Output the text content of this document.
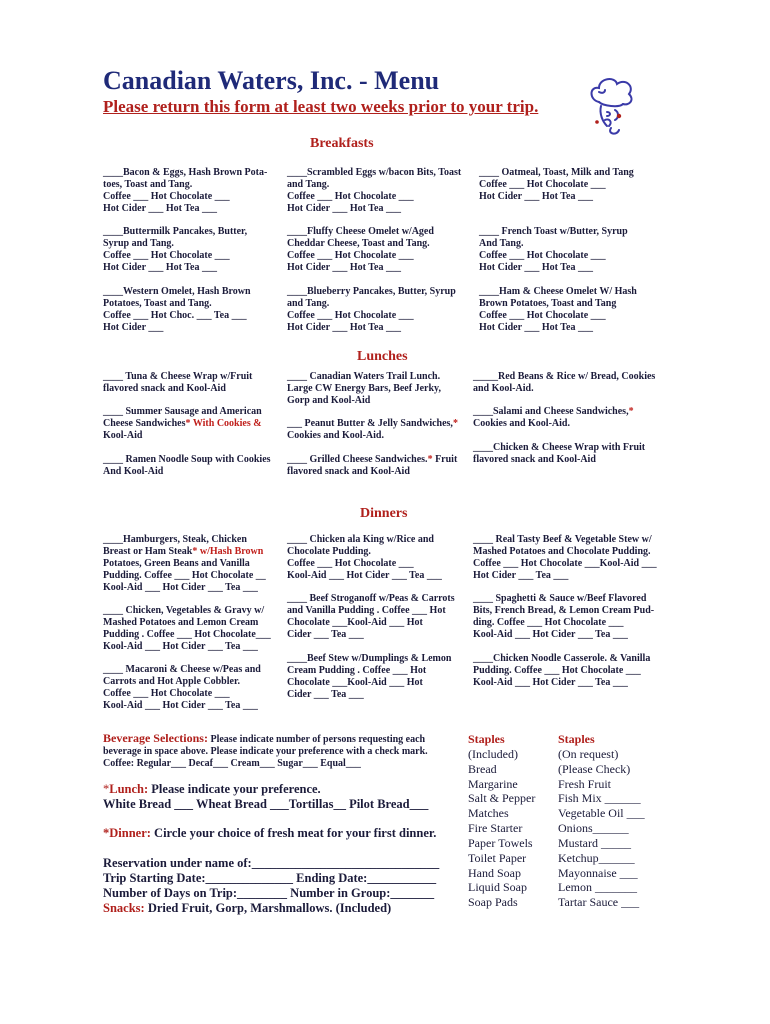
Canadian Waters, Inc. - Menu
Please return this form at least two weeks prior to your trip.
Breakfasts
____Bacon & Eggs, Hash Brown Pota-
toes, Toast and Tang.
Coffee ___ Hot Chocolate ___
Hot Cider ___ Hot Tea ___
____Scrambled Eggs w/bacon Bits, Toast
and Tang.
Coffee ___ Hot Chocolate ___
Hot Cider ___ Hot Tea ___
____ Oatmeal, Toast, Milk and Tang
Coffee ___ Hot Chocolate ___
Hot Cider ___ Hot Tea ___
____Buttermilk Pancakes, Butter,
Syrup and Tang.
Coffee ___ Hot Chocolate ___
Hot Cider ___ Hot Tea ___
____Fluffy Cheese Omelet w/Aged
Cheddar Cheese, Toast and Tang.
Coffee ___ Hot Chocolate ___
Hot Cider ___ Hot Tea ___
____ French Toast w/Butter, Syrup
And Tang.
Coffee ___ Hot Chocolate ___
Hot Cider ___ Hot Tea ___
____Western Omelet, Hash Brown
Potatoes, Toast and Tang.
Coffee ___ Hot Choc. ___ Tea ___
Hot Cider ___
____Blueberry Pancakes, Butter, Syrup
and Tang.
Coffee ___ Hot Chocolate ___
Hot Cider ___ Hot Tea ___
____Ham & Cheese Omelet W/ Hash
Brown Potatoes, Toast and Tang
Coffee ___ Hot Chocolate ___
Hot Cider ___ Hot Tea ___
Lunches
____ Tuna & Cheese Wrap w/Fruit
flavored snack and Kool-Aid
____ Summer Sausage and American
Cheese Sandwiches* With Cookies &
Kool-Aid
____ Ramen Noodle Soup with Cookies
And Kool-Aid
____ Canadian Waters Trail Lunch.
Large CW Energy Bars, Beef Jerky,
Gorp and Kool-Aid
___ Peanut Butter & Jelly Sandwiches,*
Cookies and Kool-Aid.
____ Grilled Cheese Sandwiches.* Fruit
flavored snack and Kool-Aid
_____Red Beans & Rice w/ Bread, Cookies
and Kool-Aid.
____Salami and Cheese Sandwiches,*
Cookies and Kool-Aid.
____Chicken & Cheese Wrap with Fruit
flavored snack and Kool-Aid
Dinners
____Hamburgers, Steak, Chicken
Breast or Ham Steak* w/Hash Brown
Potatoes, Green Beans and Vanilla
Pudding. Coffee ___ Hot Chocolate __
Kool-Aid ___ Hot Cider ___ Tea ___
____ Chicken, Vegetables & Gravy w/
Mashed Potatoes and Lemon Cream
Pudding . Coffee ___ Hot Chocolate___
Kool-Aid ___ Hot Cider ___ Tea ___
____ Macaroni & Cheese w/Peas and
Carrots and Hot Apple Cobbler.
Coffee ___ Hot Chocolate ___
Kool-Aid ___ Hot Cider ___ Tea ___
____ Chicken ala King w/Rice and
Chocolate Pudding.
Coffee ___ Hot Chocolate ___
Kool-Aid ___ Hot Cider ___ Tea ___
____ Beef Stroganoff w/Peas & Carrots
and Vanilla Pudding . Coffee ___ Hot
Chocolate ___Kool-Aid ___ Hot
Cider ___ Tea ___
____Beef Stew w/Dumplings & Lemon
Cream Pudding . Coffee ___ Hot
Chocolate ___Kool-Aid ___ Hot
Cider ___ Tea ___
____ Real Tasty Beef & Vegetable Stew w/
Mashed Potatoes and Chocolate Pudding.
Coffee ___ Hot Chocolate ___Kool-Aid ___
Hot Cider ___ Tea ___
____ Spaghetti & Sauce w/Beef Flavored
Bits, French Bread, & Lemon Cream Pud-
ding. Coffee ___ Hot Chocolate ___
Kool-Aid ___ Hot Cider ___ Tea ___
____Chicken Noodle Casserole. & Vanilla
Pudding. Coffee ___ Hot Chocolate ___
Kool-Aid ___ Hot Cider ___ Tea ___
Beverage Selections: Please indicate number of persons requesting each
beverage in space above. Please indicate your preference with a check mark.
Coffee: Regular___ Decaf___ Cream___ Sugar___ Equal___
*Lunch: Please indicate your preference.
White Bread ___ Wheat Bread ___Tortillas__ Pilot Bread___
*Dinner: Circle your choice of fresh meat for your first dinner.
Reservation under name of:______________________________
Trip Starting Date:______________ Ending Date:___________
Number of Days on Trip:________ Number in Group:_______
Snacks: Dried Fruit, Gorp, Marshmallows. (Included)
Staples
(Included)
Bread
Margarine
Salt & Pepper
Matches
Fire Starter
Paper Towels
Toilet Paper
Hand Soap
Liquid Soap
Soap Pads
Staples
(On request)
(Please Check)
Fresh Fruit
Fish Mix ______
Vegetable Oil ___
Onions______
Mustard _____
Ketchup______
Mayonnaise ___
Lemon _______
Tartar Sauce ___
